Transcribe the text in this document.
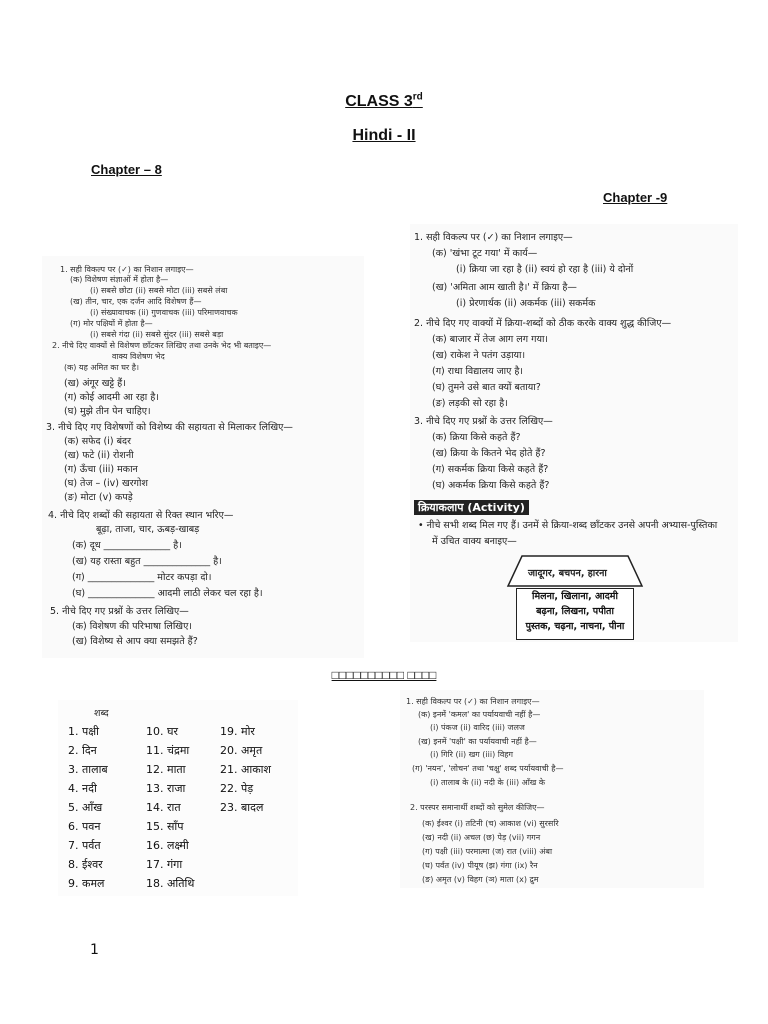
CLASS 3rd
Hindi - II
Chapter – 8
Chapter -9
1. सही विकल्प पर (✓) का निशान लगाइए—
(क) विशेषण संज्ञाओं में होता है—
(i) सबसे छोटा (ii) सबसे मोटा (iii) सबसे लंबा
(ख) तीन, चार, एक दर्जन आदि विशेषण हैं—
(i) संख्यावाचक (ii) गुणवाचक (iii) परिमाणवाचक
(ग) मोर पक्षियों में होता है—
(i) सबसे गंदा (ii) सबसे सुंदर (iii) सबसे बड़ा
2. नीचे दिए वाक्यों से विशेषण छाँटकर लिखिए तथा उनके भेद भी बताइए—
वाक्य विशेषण भेद
(क) यह अमित का घर है।
(ख) अंगूर खट्टे हैं।
(ग) कोई आदमी आ रहा है।
(घ) मुझे तीन पेन चाहिए।
3. नीचे दिए गए विशेषणों को विशेष्य की सहायता से मिलाकर लिखिए—
(क) सफेद (i) बंदर
(ख) फटे (ii) रोशनी
(ग) ऊँचा (iii) मकान
(घ) तेज – (iv) खरगोश
(ङ) मोटा (v) कपड़े
4. नीचे दिए शब्दों की सहायता से रिक्त स्थान भरिए—
बूढ़ा, ताजा, चार, ऊबड़-खाबड़
(क) दूध ______________ है।
(ख) यह रास्ता बहुत ______________ है।
(ग) ______________ मोटर कपड़ा दो।
(घ) ______________ आदमी लाठी लेकर चल रहा है।
5. नीचे दिए गए प्रश्नों के उत्तर लिखिए—
(क) विशेषण की परिभाषा लिखिए।
(ख) विशेष्य से आप क्या समझते हैं?
1. सही विकल्प पर (✓) का निशान लगाइए—
(क) 'खंभा टूट गया' में कार्य—
(i) क्रिया जा रहा है (ii) स्वयं हो रहा है (iii) ये दोनों
(ख) 'अमिता आम खाती है।' में क्रिया है—
(i) प्रेरणार्थक (ii) अकर्मक (iii) सकर्मक
2. नीचे दिए गए वाक्यों में क्रिया-शब्दों को ठीक करके वाक्य शुद्ध कीजिए—
(क) बाजार में तेज आग लग गया।
(ख) राकेश ने पतंग उड़ाया।
(ग) राधा विद्यालय जाए है।
(घ) तुमने उसे बात क्यों बताया?
(ङ) लड़की सो रहा है।
3. नीचे दिए गए प्रश्नों के उत्तर लिखिए—
(क) क्रिया किसे कहते हैं?
(ख) क्रिया के कितने भेद होते हैं?
(ग) सकर्मक क्रिया किसे कहते हैं?
(घ) अकर्मक क्रिया किसे कहते हैं?
क्रियाकलाप (Activity)
• नीचे सभी शब्द मिल गए हैं। उनमें से क्रिया-शब्द छाँटकर उनसे अपनी अभ्यास-पुस्तिका
में उचित वाक्य बनाइए—
जादूगर, बचपन, हारना
मिलना, खिलाना, आदमी
बढ़ना, लिखना, पपीता
पुस्तक, चढ़ना, नाचना, पीना
□□□□□□□□□□ □□□□
शब्द
1. पक्षी
2. दिन
3. तालाब
4. नदी
5. आँख
6. पवन
7. पर्वत
8. ईश्वर
9. कमल
10. घर
11. चंद्रमा
12. माता
13. राजा
14. रात
15. साँप
16. लक्ष्मी
17. गंगा
18. अतिथि
19. मोर
20. अमृत
21. आकाश
22. पेड़
23. बादल
1. सही विकल्प पर (✓) का निशान लगाइए—
(क) इनमें 'कमल' का पर्यायवाची नहीं है—
(i) पंकज (ii) वारिद (iii) जलज
(ख) इनमें 'पक्षी' का पर्यायवाची नहीं है—
(i) गिरि (ii) खग (iii) विहग
(ग) 'नयन', 'लोचन' तथा 'चक्षु' शब्द पर्यायवाची है—
(i) तालाब के (ii) नदी के (iii) आँख के
2. परस्पर समानार्थी शब्दों को सुमेल कीजिए—
(क) ईश्वर (i) तटिनी (च) आकाश (vi) सुरसरि
(ख) नदी (ii) अचल (छ) पेड़ (vii) गगन
(ग) पक्षी (iii) परमात्मा (ज) रात (viii) अंबा
(घ) पर्वत (iv) पीयूष (झ) गंगा (ix) रैन
(ङ) अमृत (v) विहग (ञ) माता (x) द्रुम
1
